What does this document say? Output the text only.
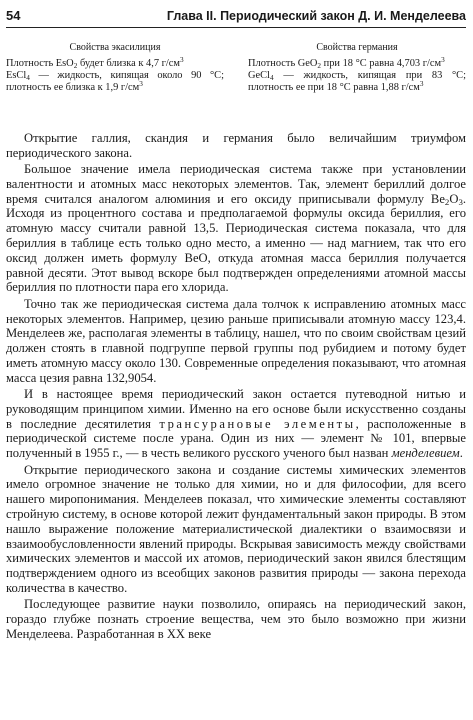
54	Глава II. Периодический закон Д. И. Менделеева
Свойства экасилиция

Плотность EsO$_2$ будет близка к 4,7 $г/см^3$

EsCl$_4$ — жидкость, кипящая около 90 °C; плотность ее близка к 1,9 $г/см^3$

Свойства германия

Плотность GeO$_2$ при 18 °C равна 4,703 $г/см^3$

GeCl$_4$ — жидкость, кипящая при 83 °C; плотность ее при 18 °C равна 1,88 $г/см^3$

Открытие галлия, скандия и германия было величайшим триумфом периодического закона.

Большое значение имела периодическая система также при установлении валентности и атомных масс некоторых элементов. Так, элемент бериллий долгое время считался аналогом алюминия и его оксиду приписывали формулу $Be_2O_3$. Исходя из процентного состава и предполагаемой формулы оксида бериллия, его атомную массу считали равной 13,5. Периодическая система показала, что для бериллия в таблице есть только одно место, а именно — над магнием, так что его оксид должен иметь формулу BeO, откуда атомная масса бериллия получается равной десяти. Этот вывод вскоре был подтвержден определениями атомной массы бериллия по плотности пара его хлорида.

Точно так же периодическая система дала толчок к исправлению атомных масс некоторых элементов. Например, цезию раньше приписывали атомную массу 123,4. Менделеев же, располагая элементы в таблицу, нашел, что по своим свойствам цезий должен стоять в главной подгруппе первой группы под рубидием и потому будет иметь атомную массу около 130. Современные определения показывают, что атомная масса цезия равна 132,9054.

И в настоящее время периодический закон остается путеводной нитью и руководящим принципом химии. Именно на его основе были искусственно созданы в последние десятилетия трансурановые элементы, расположенные в периодической системе после урана. Один из них — элемент № 101, впервые полученный в 1955 г., — в честь великого русского ученого был назван менделевием.

Открытие периодического закона и создание системы химических элементов имело огромное значение не только для химии, но и для философии, для всего нашего миропонимания. Менделеев показал, что химические элементы составляют стройную систему, в основе которой лежит фундаментальный закон природы. В этом нашло выражение положение материалистической диалектики о взаимосвязи и взаимообусловленности явлений природы. Вскрывая зависимость между свойствами химических элементов и массой их атомов, периодический закон явился блестящим подтверждением одного из всеобщих законов развития природы — закона перехода количества в качество.

Последующее развитие науки позволило, опираясь на периодический закон, гораздо глубже познать строение вещества, чем это было возможно при жизни Менделеева. Разработанная в XX веке
